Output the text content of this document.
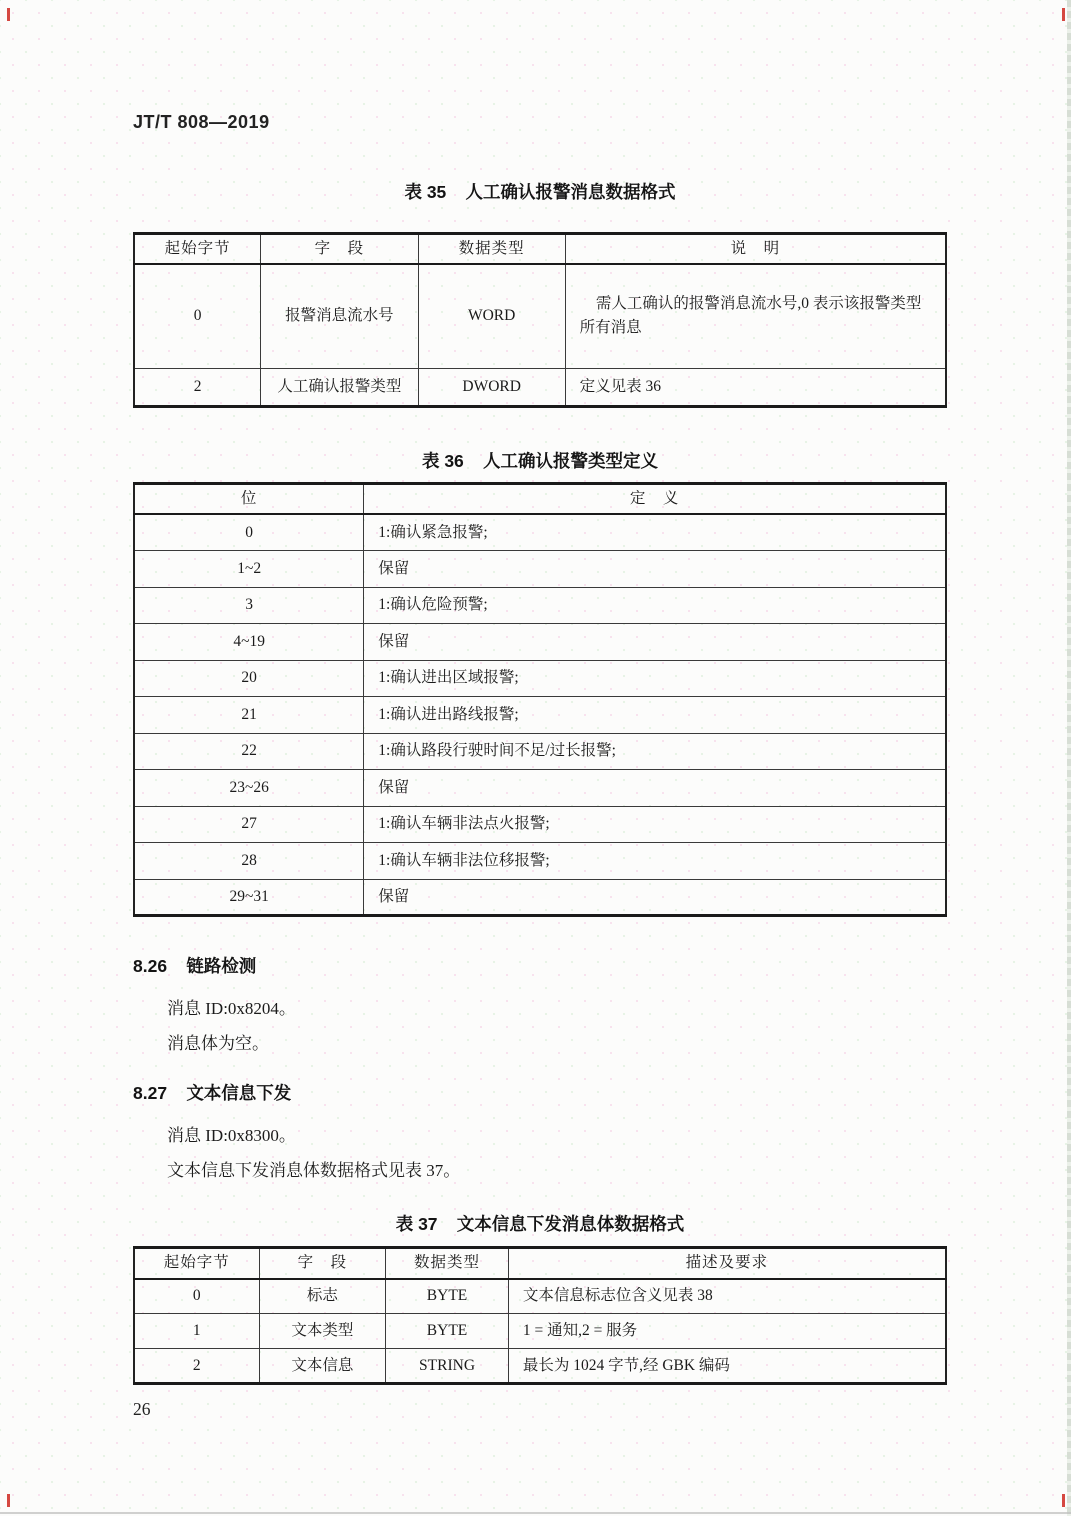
JT/T 808—2019
表 35 人工确认报警消息数据格式
起始字节	字　段	数据类型	说　明
0	报警消息流水号	WORD	需人工确认的报警消息流水号,0 表示该报警类型所有消息
2	人工确认报警类型	DWORD	定义见表 36
表 36 人工确认报警类型定义
位	定　义
0	1:确认紧急报警;
1~2	保留
3	1:确认危险预警;
4~19	保留
20	1:确认进出区域报警;
21	1:确认进出路线报警;
22	1:确认路段行驶时间不足/过长报警;
23~26	保留
27	1:确认车辆非法点火报警;
28	1:确认车辆非法位移报警;
29~31	保留
8.26 链路检测

消息 ID:0x8204。

消息体为空。

8.27 文本信息下发

消息 ID:0x8300。

文本信息下发消息体数据格式见表 37。

表 37 文本信息下发消息体数据格式
起始字节	字　段	数据类型	描述及要求
0	标志	BYTE	文本信息标志位含义见表 38
1	文本类型	BYTE	1 = 通知,2 = 服务
2	文本信息	STRING	最长为 1024 字节,经 GBK 编码
26
